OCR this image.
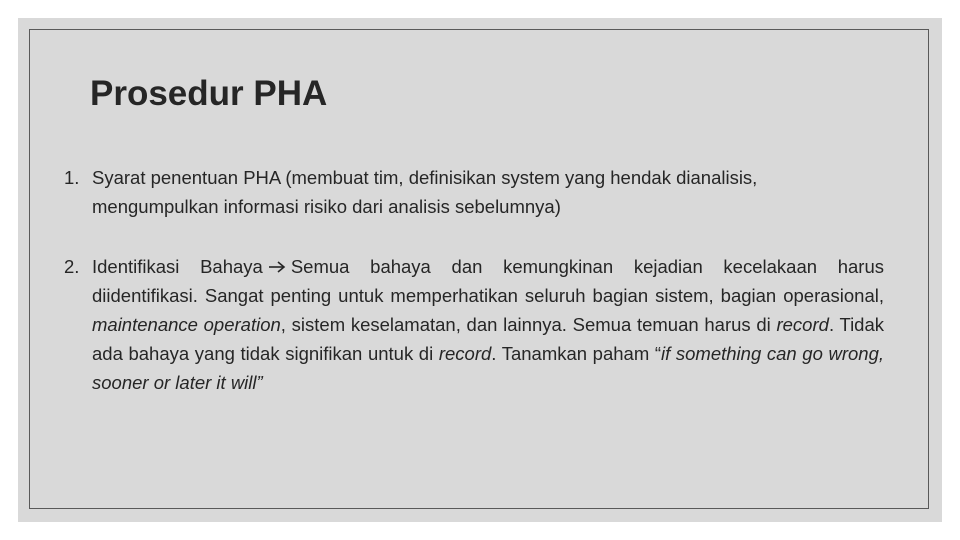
Prosedur PHA
1. Syarat penentuan PHA (membuat tim, definisikan system yang hendak dianalisis, mengumpulkan informasi risiko dari analisis sebelumnya)
2. Identifikasi Bahaya Semua bahaya dan kemungkinan kejadian kecelakaan harus diidentifikasi. Sangat penting untuk memperhatikan seluruh bagian sistem, bagian operasional, maintenance operation, sistem keselamatan, dan lainnya. Semua temuan harus di record. Tidak ada bahaya yang tidak signifikan untuk di record. Tanamkan paham “if something can go wrong, sooner or later it will”
